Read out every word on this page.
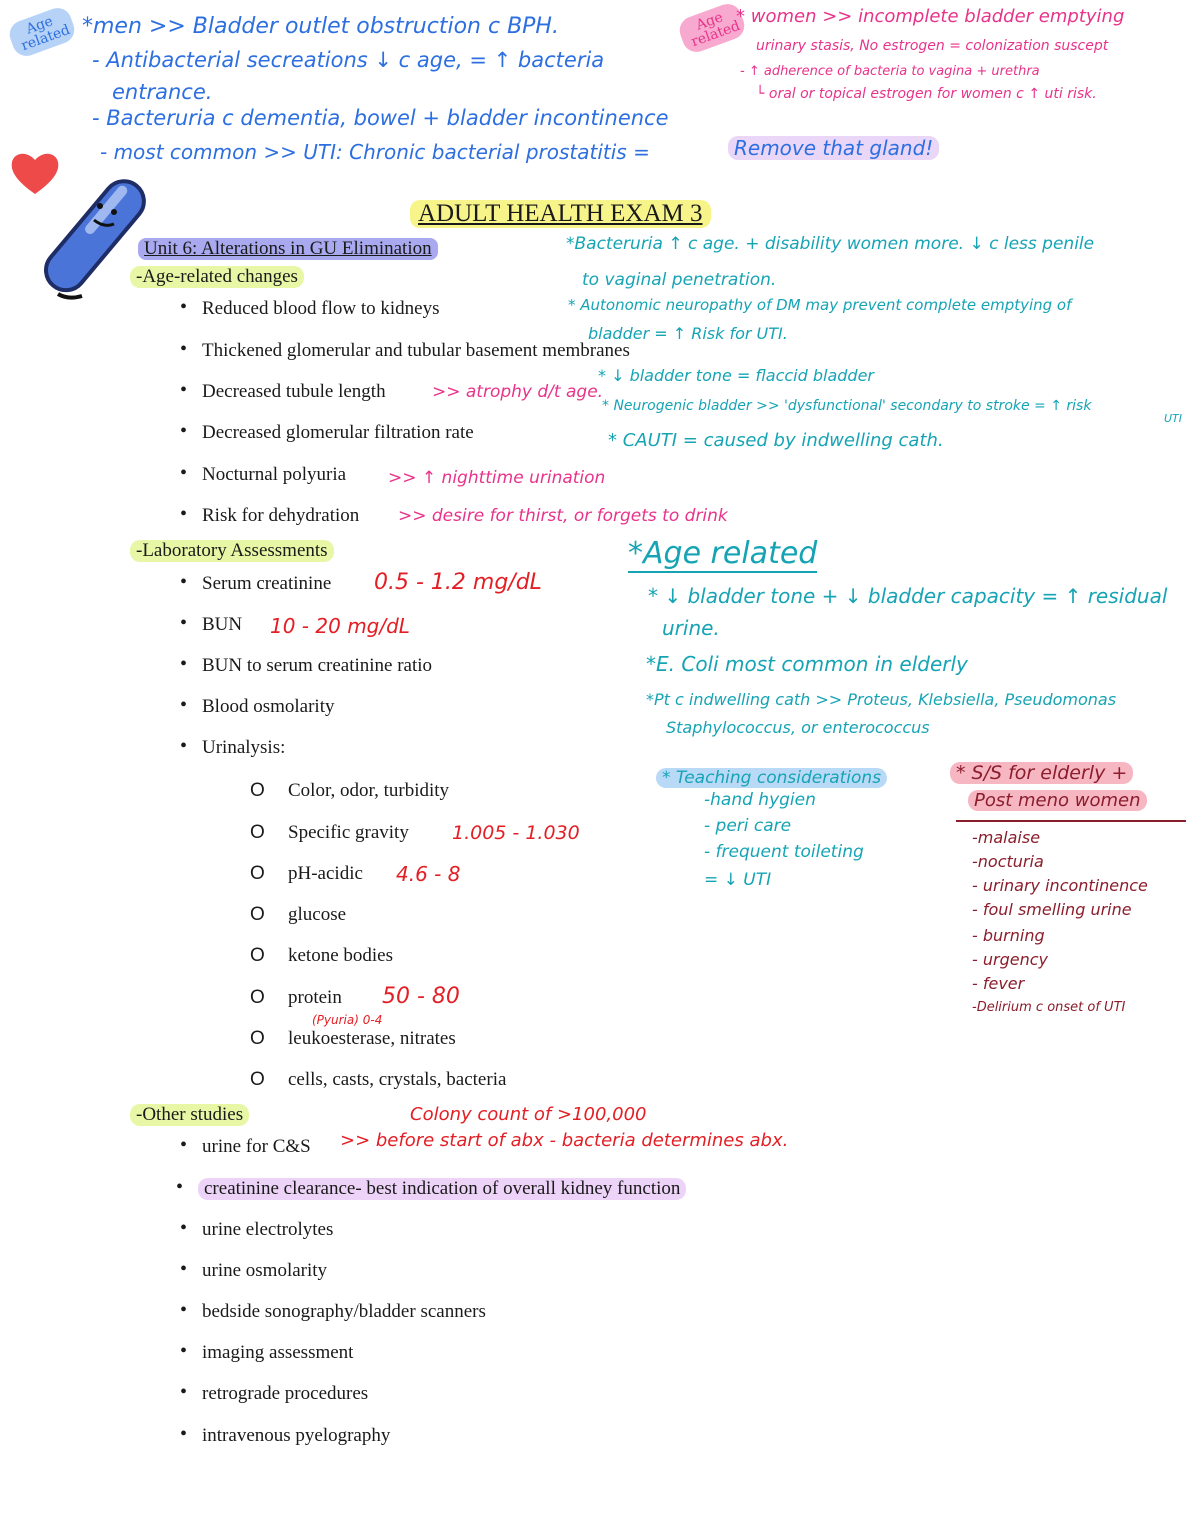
Age related
Age related
*men >> Bladder outlet obstruction c BPH.
- Antibacterial secreations ↓ c age, = ↑ bacteria
entrance.
- Bacteruria c dementia, bowel + bladder incontinence
- most common >> UTI: Chronic bacterial prostatitis =	Remove that gland!
* women >> incomplete bladder emptying
urinary stasis, No estrogen = colonization suscept
- ↑ adherence of bacteria to vagina + urethra
└ oral or topical estrogen for women c ↑ uti risk.
ADULT HEALTH EXAM 3
Unit 6: Alterations in GU Elimination
-Age-related changes
• Reduced blood flow to kidneys
• Thickened glomerular and tubular basement membranes
• Decreased tubule length
• Decreased glomerular filtration rate
• Nocturnal polyuria
• Risk for dehydration
>> atrophy d/t age.
>> ↑ nighttime urination
>> desire for thirst, or forgets to drink
*Bacteruria ↑ c age. + disability women more. ↓ c less penile
to vaginal penetration.
* Autonomic neuropathy of DM may prevent complete emptying of
bladder = ↑ Risk for UTI.
* ↓ bladder tone = flaccid bladder
* Neurogenic bladder >> 'dysfunctional' secondary to stroke = ↑ risk
UTI
* CAUTI = caused by indwelling cath.
-Laboratory Assessments
• Serum creatinine
• BUN
• BUN to serum creatinine ratio
• Blood osmolarity
• Urinalysis:
0.5 - 1.2 mg/dL
10 - 20 mg/dL
O Color, odor, turbidity
O Specific gravity
O pH-acidic
O glucose
O ketone bodies
O protein
O leukoesterase, nitrates
O cells, casts, crystals, bacteria
1.005 - 1.030
4.6 - 8
50 - 80
(Pyuria) 0-4
*Age related
* ↓ bladder tone + ↓ bladder capacity = ↑ residual
urine.
*E. Coli most common in elderly
*Pt c indwelling cath >> Proteus, Klebsiella, Pseudomonas
Staphylococcus, or enterococcus
* Teaching considerations
-hand hygien
- peri care
- frequent toileting
= ↓ UTI
* S/S for elderly +
Post meno women
-malaise
-nocturia
- urinary incontinence
- foul smelling urine
- burning
- urgency
- fever
-Delirium c onset of UTI
-Other studies	Colony count of >100,000
• urine for C&S >> before start of abx - bacteria determines abx.
• creatinine clearance- best indication of overall kidney function
• urine electrolytes
• urine osmolarity
• bedside sonography/bladder scanners
• imaging assessment
• retrograde procedures
• intravenous pyelography
